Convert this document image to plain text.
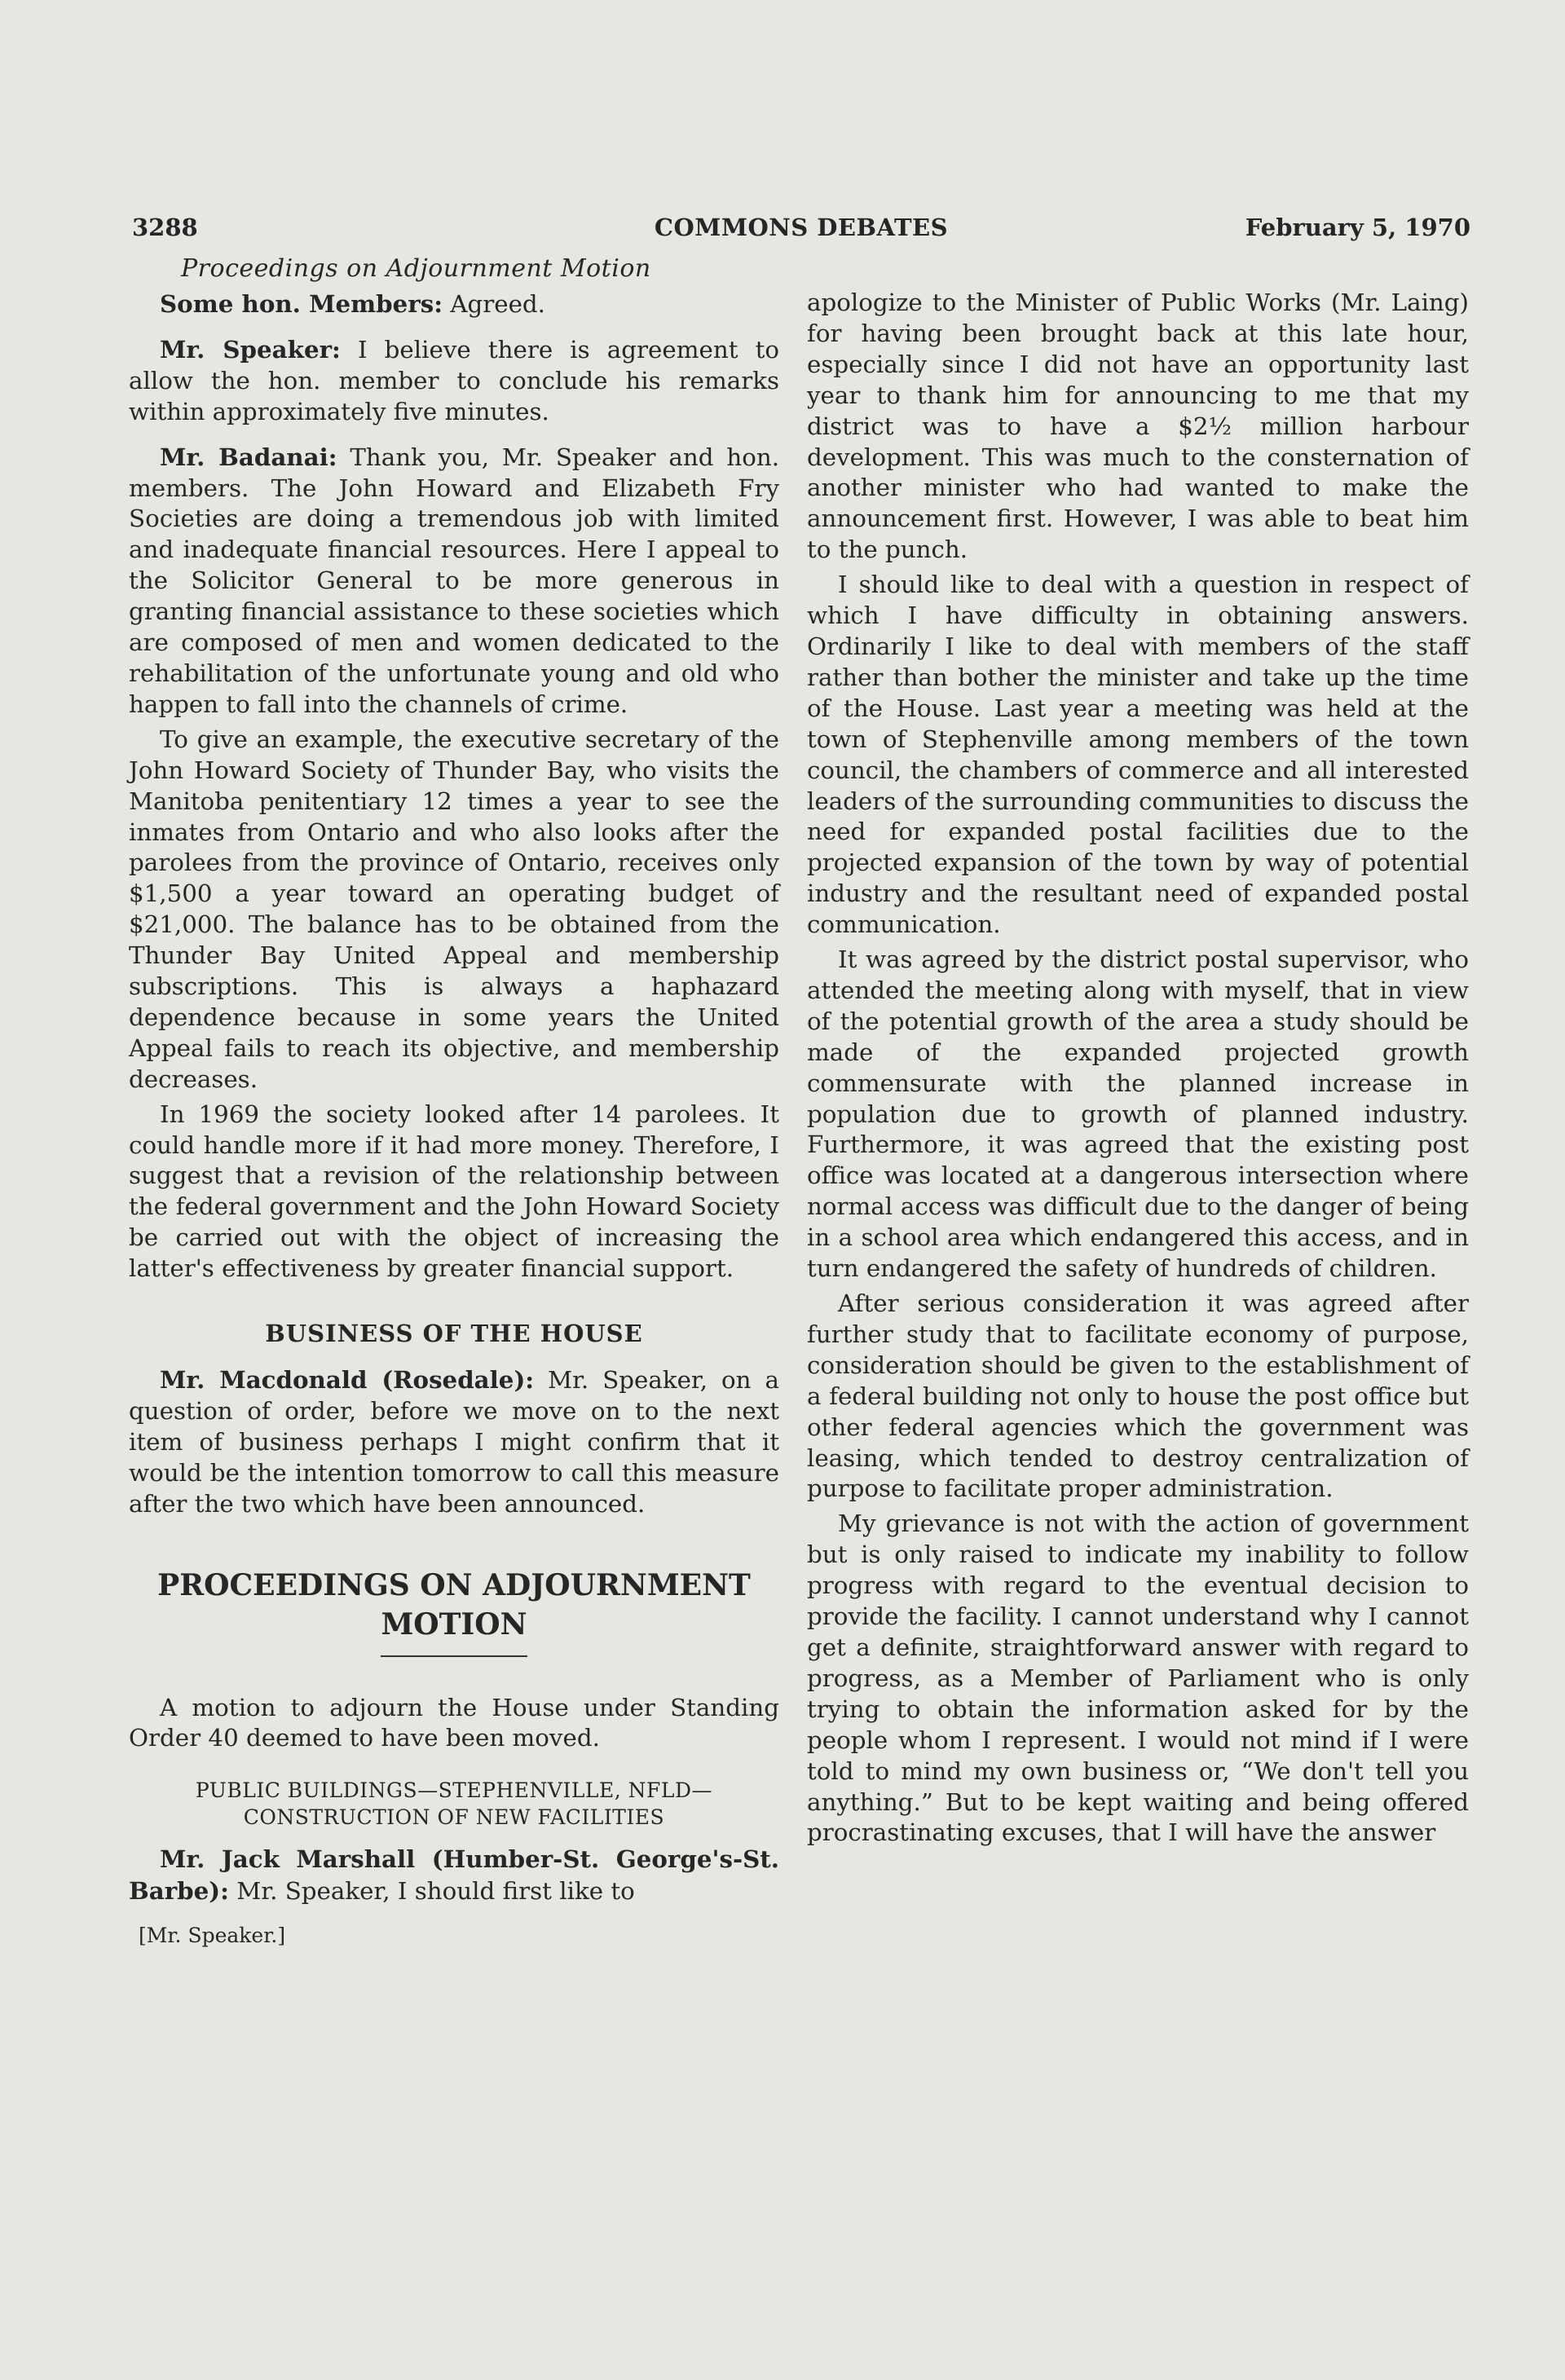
3288	COMMONS DEBATES	February 5, 1970
Proceedings on Adjournment Motion

Some hon. Members: Agreed.

Mr. Speaker: I believe there is agreement to allow the hon. member to conclude his remarks within approximately five minutes.

Mr. Badanai: Thank you, Mr. Speaker and hon. members. The John Howard and Elizabeth Fry Societies are doing a tremendous job with limited and inadequate financial resources. Here I appeal to the Solicitor General to be more generous in granting financial assistance to these societies which are composed of men and women dedicated to the rehabilitation of the unfortunate young and old who happen to fall into the channels of crime.

To give an example, the executive secretary of the John Howard Society of Thunder Bay, who visits the Manitoba penitentiary 12 times a year to see the inmates from Ontario and who also looks after the parolees from the province of Ontario, receives only $1,500 a year toward an operating budget of $21,000. The balance has to be obtained from the Thunder Bay United Appeal and membership subscriptions. This is always a haphazard dependence because in some years the United Appeal fails to reach its objective, and membership decreases.

In 1969 the society looked after 14 parolees. It could handle more if it had more money. Therefore, I suggest that a revision of the relationship between the federal government and the John Howard Society be carried out with the object of increasing the latter's effectiveness by greater financial support.

BUSINESS OF THE HOUSE

Mr. Macdonald (Rosedale): Mr. Speaker, on a question of order, before we move on to the next item of business perhaps I might confirm that it would be the intention tomorrow to call this measure after the two which have been announced.

PROCEEDINGS ON ADJOURNMENT
MOTION

A motion to adjourn the House under Standing Order 40 deemed to have been moved.

PUBLIC BUILDINGS—STEPHENVILLE, NFLD—
CONSTRUCTION OF NEW FACILITIES

Mr. Jack Marshall (Humber-St. George's-St. Barbe): Mr. Speaker, I should first like to

[Mr. Speaker.]

apologize to the Minister of Public Works (Mr. Laing) for having been brought back at this late hour, especially since I did not have an opportunity last year to thank him for announcing to me that my district was to have a $2½ million harbour development. This was much to the consternation of another minister who had wanted to make the announcement first. However, I was able to beat him to the punch.

I should like to deal with a question in respect of which I have difficulty in obtaining answers. Ordinarily I like to deal with members of the staff rather than bother the minister and take up the time of the House. Last year a meeting was held at the town of Stephenville among members of the town council, the chambers of commerce and all interested leaders of the surrounding communities to discuss the need for expanded postal facilities due to the projected expansion of the town by way of potential industry and the resultant need of expanded postal communication.

It was agreed by the district postal supervisor, who attended the meeting along with myself, that in view of the potential growth of the area a study should be made of the expanded projected growth commensurate with the planned increase in population due to growth of planned industry. Furthermore, it was agreed that the existing post office was located at a dangerous intersection where normal access was difficult due to the danger of being in a school area which endangered this access, and in turn endangered the safety of hundreds of children.

After serious consideration it was agreed after further study that to facilitate economy of purpose, consideration should be given to the establishment of a federal building not only to house the post office but other federal agencies which the government was leasing, which tended to destroy centralization of purpose to facilitate proper administration.

My grievance is not with the action of government but is only raised to indicate my inability to follow progress with regard to the eventual decision to provide the facility. I cannot understand why I cannot get a definite, straightforward answer with regard to progress, as a Member of Parliament who is only trying to obtain the information asked for by the people whom I represent. I would not mind if I were told to mind my own business or, “We don't tell you anything.” But to be kept waiting and being offered procrastinating excuses, that I will have the answer
